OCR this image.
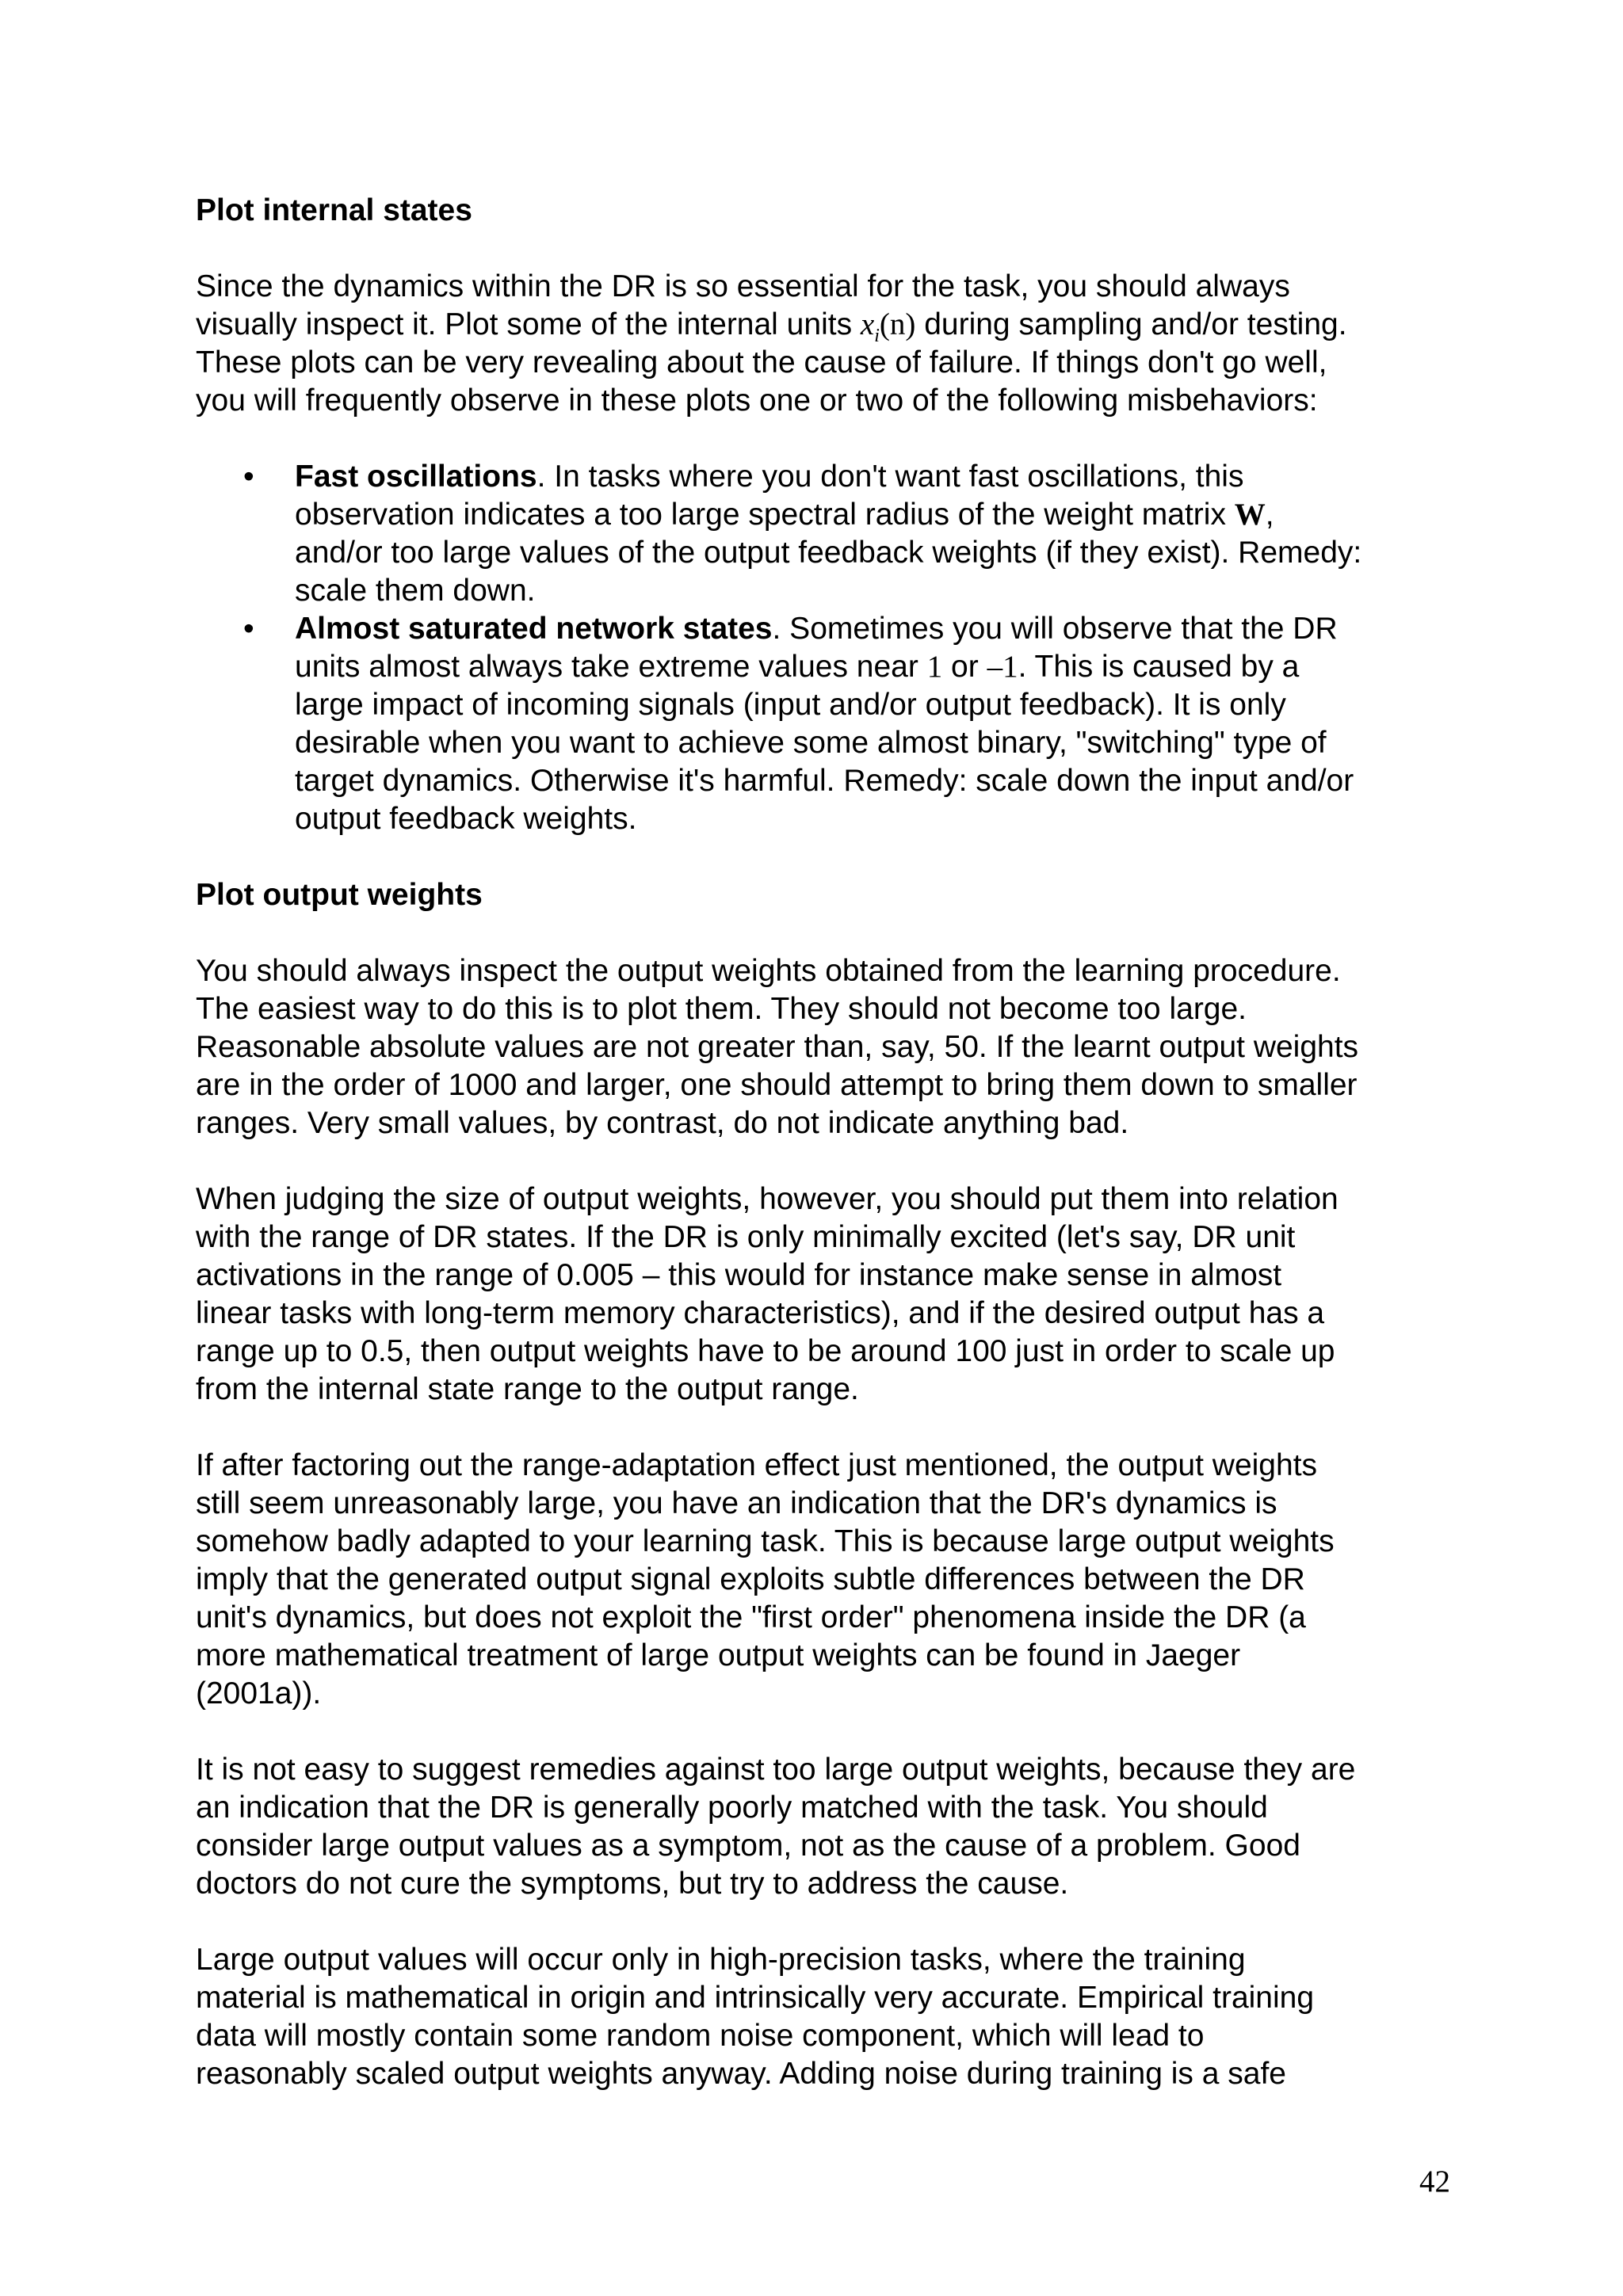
Plot internal states

Since the dynamics within the DR is so essential for the task, you should always
visually inspect it. Plot some of the internal units $x_i(n)$ during sampling and/or testing.
These plots can be very revealing about the cause of failure. If things don't go well,
you will frequently observe in these plots one or two of the following misbehaviors:

• Fast oscillations. In tasks where you don't want fast oscillations, this
observation indicates a too large spectral radius of the weight matrix W,
and/or too large values of the output feedback weights (if they exist). Remedy:
scale them down.
• Almost saturated network states. Sometimes you will observe that the DR
units almost always take extreme values near 1 or –1. This is caused by a
large impact of incoming signals (input and/or output feedback). It is only
desirable when you want to achieve some almost binary, "switching" type of
target dynamics. Otherwise it's harmful. Remedy: scale down the input and/or
output feedback weights.
Plot output weights

You should always inspect the output weights obtained from the learning procedure.
The easiest way to do this is to plot them. They should not become too large.
Reasonable absolute values are not greater than, say, 50. If the learnt output weights
are in the order of 1000 and larger, one should attempt to bring them down to smaller
ranges. Very small values, by contrast, do not indicate anything bad.

When judging the size of output weights, however, you should put them into relation
with the range of DR states. If the DR is only minimally excited (let's say, DR unit
activations in the range of 0.005 – this would for instance make sense in almost
linear tasks with long-term memory characteristics), and if the desired output has a
range up to 0.5, then output weights have to be around 100 just in order to scale up
from the internal state range to the output range.

If after factoring out the range-adaptation effect just mentioned, the output weights
still seem unreasonably large, you have an indication that the DR's dynamics is
somehow badly adapted to your learning task. This is because large output weights
imply that the generated output signal exploits subtle differences between the DR
unit's dynamics, but does not exploit the "first order" phenomena inside the DR (a
more mathematical treatment of large output weights can be found in Jaeger
(2001a)).

It is not easy to suggest remedies against too large output weights, because they are
an indication that the DR is generally poorly matched with the task. You should
consider large output values as a symptom, not as the cause of a problem. Good
doctors do not cure the symptoms, but try to address the cause.

Large output values will occur only in high-precision tasks, where the training
material is mathematical in origin and intrinsically very accurate. Empirical training
data will mostly contain some random noise component, which will lead to
reasonably scaled output weights anyway. Adding noise during training is a safe

42
